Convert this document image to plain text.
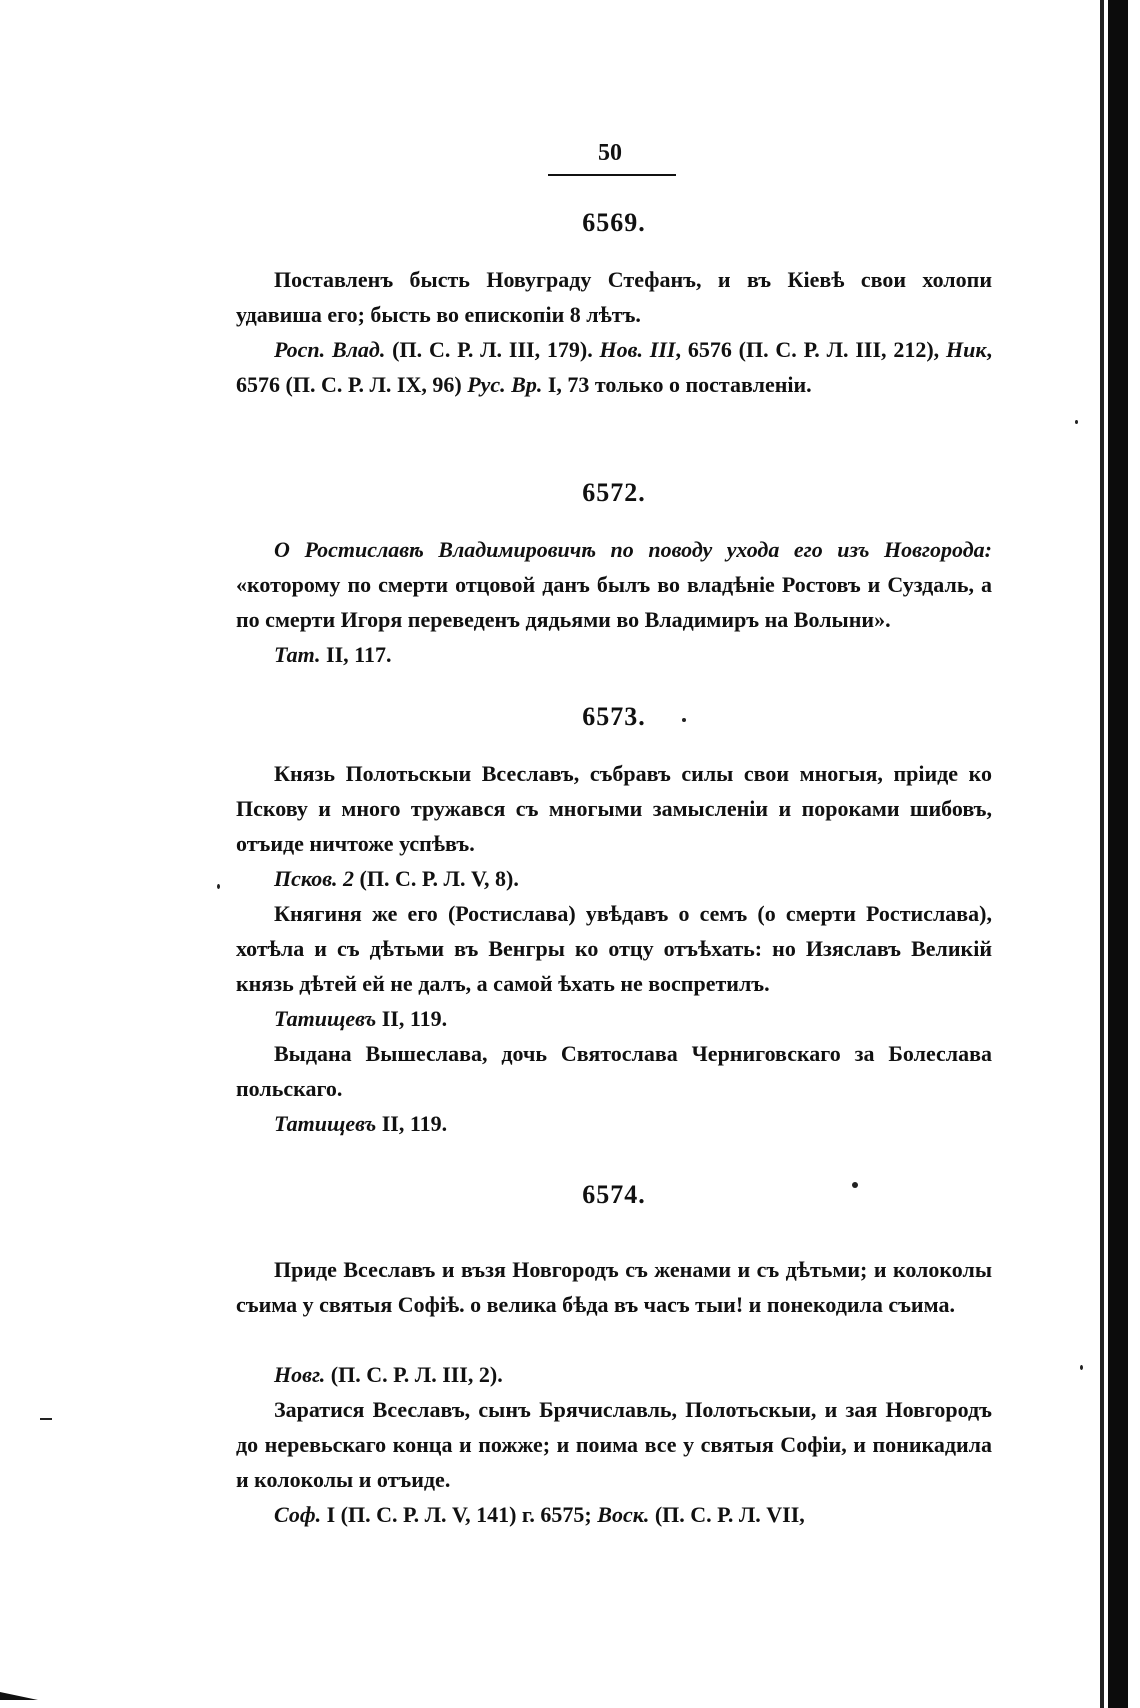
50
6569.
Поставленъ бысть Новуграду Стефанъ, и въ Кіевѣ свои холопи удавиша его; бысть во епископіи 8 лѣтъ.
Росп. Влад. (П. С. Р. Л. III, 179). Нов. III, 6576 (П. С. Р. Л. III, 212), Ник, 6576 (П. С. Р. Л. IX, 96) Рус. Вр. I, 73 только о поставленіи.
6572.
О Ростиславѣ Владимировичѣ по поводу ухода его изъ Новгорода: «которому по смерти отцовой данъ былъ во владѣніе Ростовъ и Суздаль, а по смерти Игоря переведенъ дядьями во Владимиръ на Волыни».
Тат. II, 117.
6573.
Князь Полотьскыи Всеславъ, събравъ силы свои многыя, пріиде ко Пскову и много тружався съ многыми замысленіи и пороками шибовъ, отъиде ничтоже успѣвъ.
Псков. 2 (П. С. Р. Л. V, 8).
Княгиня же его (Ростислава) увѣдавъ о семъ (о смерти Ростислава), хотѣла и съ дѣтьми въ Венгры ко отцу отъѣхать: но Изяславъ Великій князь дѣтей ей не далъ, а самой ѣхать не воспретилъ.
Татищевъ II, 119.
Выдана Вышеслава, дочь Святослава Черниговскаго за Болеслава польскаго.
Татищевъ II, 119.
6574.
Приде Всеславъ и възя Новгородъ съ женами и съ дѣтьми; и колоколы съима у святыя Софіѣ. о велика бѣда въ часъ тыи! и понекодила съима.
Новг. (П. С. Р. Л. III, 2).
Заратися Всеславъ, сынъ Брячиславль, Полотьскыи, и зая Новгородъ до неревьскаго конца и пожже; и поима все у святыя Софіи, и поникадила и колоколы и отъиде.
Соф. I (П. С. Р. Л. V, 141) г. 6575; Воск. (П. С. Р. Л. VII,
